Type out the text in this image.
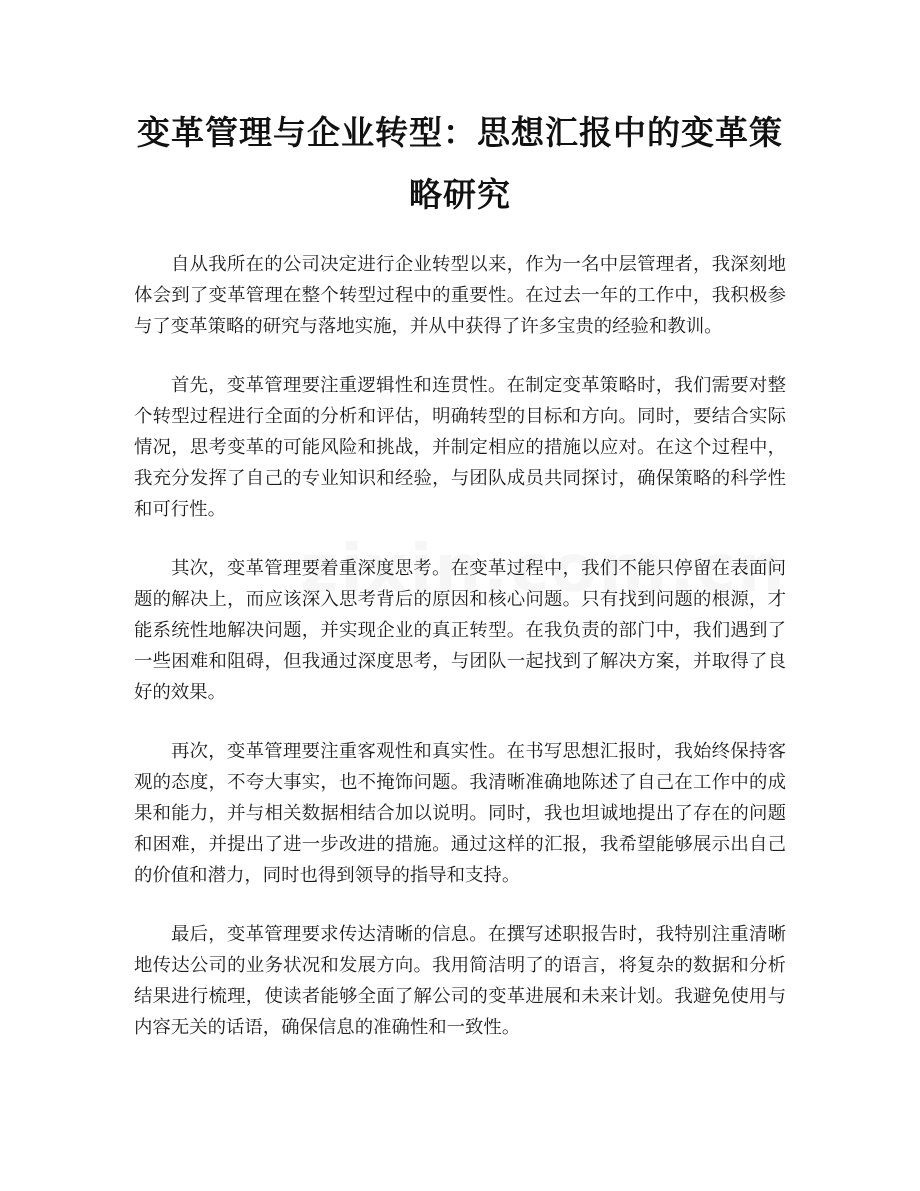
变革管理与企业转型：思想汇报中的变革策
略研究

自从我所在的公司决定进行企业转型以来，作为一名中层管理者，我深刻地体会到了变革管理在整个转型过程中的重要性。在过去一年的工作中，我积极参与了变革策略的研究与落地实施，并从中获得了许多宝贵的经验和教训。

首先，变革管理要注重逻辑性和连贯性。在制定变革策略时，我们需要对整个转型过程进行全面的分析和评估，明确转型的目标和方向。同时，要结合实际情况，思考变革的可能风险和挑战，并制定相应的措施以应对。在这个过程中，我充分发挥了自己的专业知识和经验，与团队成员共同探讨，确保策略的科学性和可行性。

其次，变革管理要着重深度思考。在变革过程中，我们不能只停留在表面问题的解决上，而应该深入思考背后的原因和核心问题。只有找到问题的根源，才能系统性地解决问题，并实现企业的真正转型。在我负责的部门中，我们遇到了一些困难和阻碍，但我通过深度思考，与团队一起找到了解决方案，并取得了良好的效果。

再次，变革管理要注重客观性和真实性。在书写思想汇报时，我始终保持客观的态度，不夸大事实，也不掩饰问题。我清晰准确地陈述了自己在工作中的成果和能力，并与相关数据相结合加以说明。同时，我也坦诚地提出了存在的问题和困难，并提出了进一步改进的措施。通过这样的汇报，我希望能够展示出自己的价值和潜力，同时也得到领导的指导和支持。

最后，变革管理要求传达清晰的信息。在撰写述职报告时，我特别注重清晰地传达公司的业务状况和发展方向。我用简洁明了的语言，将复杂的数据和分析结果进行梳理，使读者能够全面了解公司的变革进展和未来计划。我避免使用与内容无关的话语，确保信息的准确性和一致性。
